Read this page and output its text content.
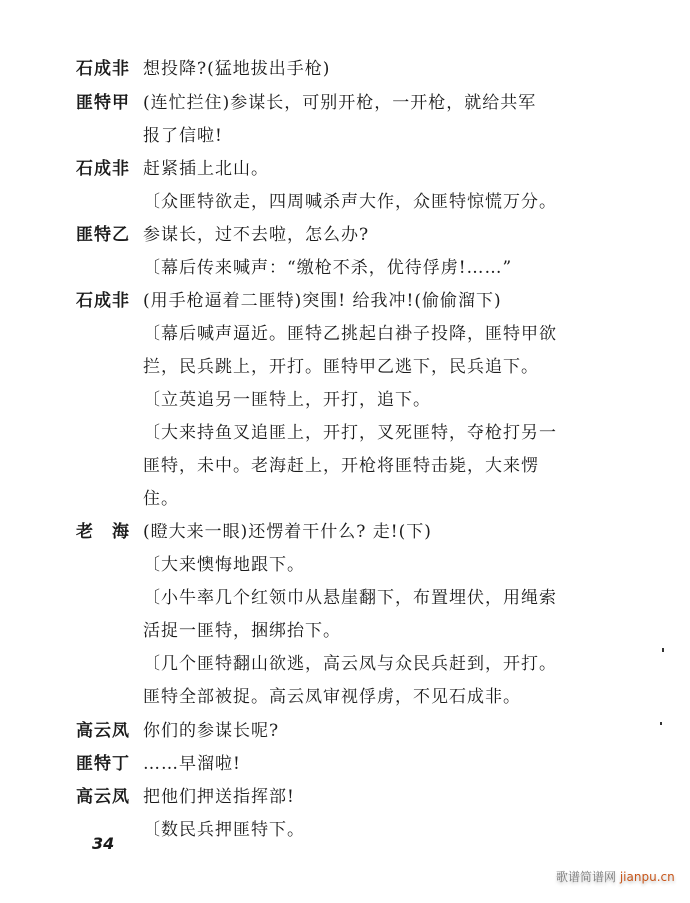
石成非 想投降?(猛地拔出手枪)
匪特甲 (连忙拦住)参谋长，可别开枪，一开枪，就给共军
报了信啦!
石成非 赶紧插上北山。
〔众匪特欲走，四周喊杀声大作，众匪特惊慌万分。
匪特乙 参谋长，过不去啦，怎么办?
〔幕后传来喊声：“缴枪不杀，优待俘虏!……”
石成非 (用手枪逼着二匪特)突围! 给我冲!(偷偷溜下)
〔幕后喊声逼近。匪特乙挑起白褂子投降，匪特甲欲
拦，民兵跳上，开打。匪特甲乙逃下，民兵追下。
〔立英追另一匪特上，开打，追下。
〔大来持鱼叉追匪上，开打，叉死匪特，夺枪打另一
匪特，未中。老海赶上，开枪将匪特击毙，大来愣
住。
老　海 (瞪大来一眼)还愣着干什么? 走!(下)
〔大来懊悔地跟下。
〔小牛率几个红领巾从悬崖翻下，布置埋伏，用绳索
活捉一匪特，捆绑抬下。
〔几个匪特翻山欲逃，高云凤与众民兵赶到，开打。
匪特全部被捉。高云凤审视俘虏，不见石成非。
高云凤 你们的参谋长呢?
匪特丁 ……早溜啦!
高云凤 把他们押送指挥部!
〔数民兵押匪特下。
34
歌谱简谱网 jianpu.cn
